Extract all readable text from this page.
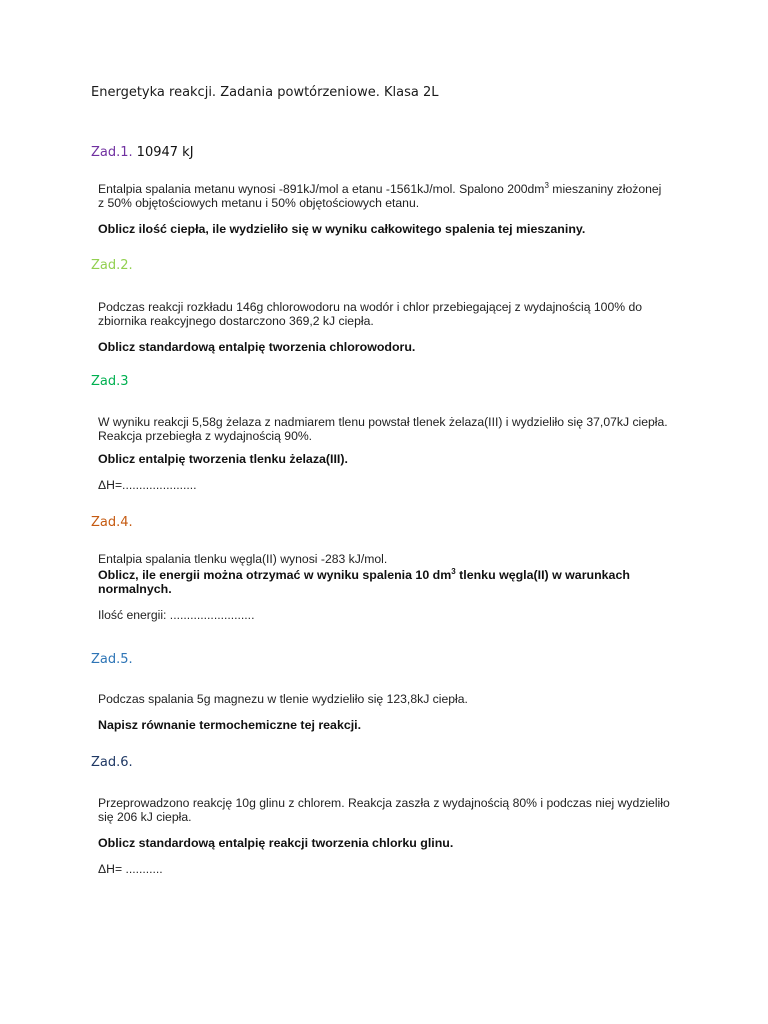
Energetyka reakcji. Zadania powtórzeniowe. Klasa 2L
Zad.1. 10947 kJ

Entalpia spalania metanu wynosi -891kJ/mol a etanu -1561kJ/mol. Spalono $200dm^3$ mieszaniny złożonej

z 50% objętościowych metanu i 50% objętościowych etanu.

Oblicz ilość ciepła, ile wydzieliło się w wyniku całkowitego spalenia tej mieszaniny.

Zad.2.

Podczas reakcji rozkładu 146g chlorowodoru na wodór i chlor przebiegającej z wydajnością 100% do

zbiornika reakcyjnego dostarczono 369,2 kJ ciepła.

Oblicz standardową entalpię tworzenia chlorowodoru.

Zad.3

W wyniku reakcji 5,58g żelaza z nadmiarem tlenu powstał tlenek żelaza(III) i wydzieliło się 37,07kJ ciepła.

Reakcja przebiegła z wydajnością 90%.

Oblicz entalpię tworzenia tlenku żelaza(III).

ΔH=......................

Zad.4.

Entalpia spalania tlenku węgla(II) wynosi -283 kJ/mol.

Oblicz, ile energii można otrzymać w wyniku spalenia 10 $dm^3$ tlenku węgla(II) w warunkach

normalnych.

Ilość energii: .........................

Zad.5.

Podczas spalania 5g magnezu w tlenie wydzieliło się 123,8kJ ciepła.

Napisz równanie termochemiczne tej reakcji.

Zad.6.

Przeprowadzono reakcję 10g glinu z chlorem. Reakcja zaszła z wydajnością 80% i podczas niej wydzieliło

się 206 kJ ciepła.

Oblicz standardową entalpię reakcji tworzenia chlorku glinu.

ΔH= ...........
